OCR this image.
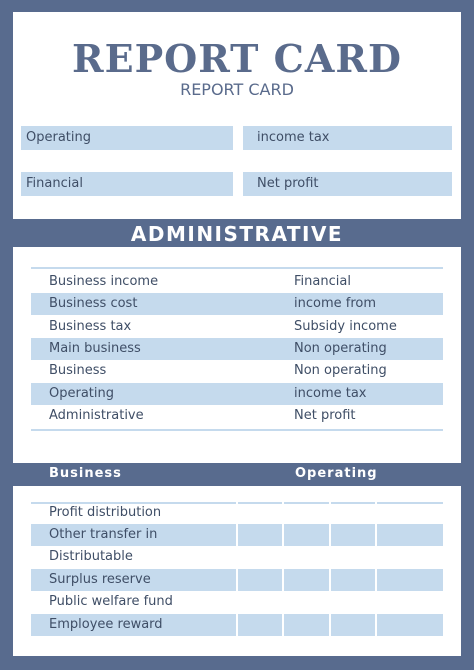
REPORT CARD
REPORT CARD
Operating	income tax
Financial	Net profit
ADMINISTRATIVE
Business income	Financial
Business cost	income from
Business tax	Subsidy income
Main business	Non operating
Business	Non operating
Operating	income tax
Administrative	Net profit
Business	Operating
Profit distribution
Other transfer in
Distributable
Surplus reserve
Public welfare fund
Employee reward
